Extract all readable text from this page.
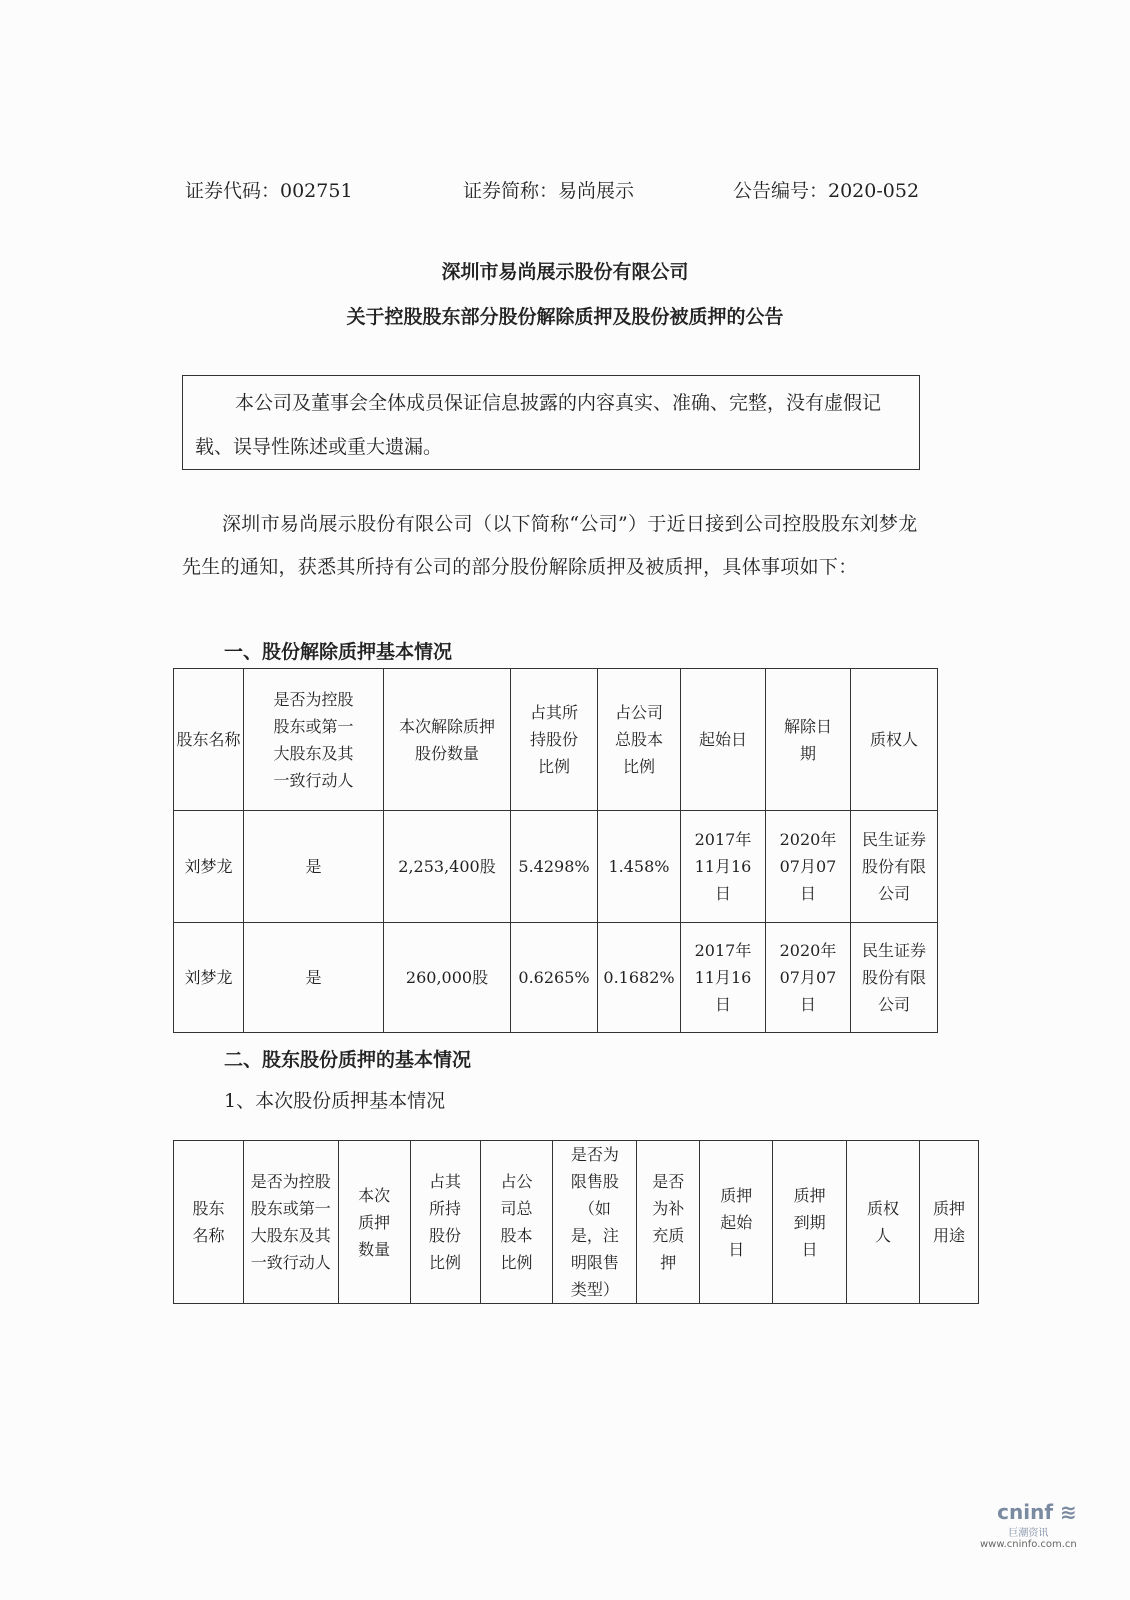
证券代码：002751	证券简称：易尚展示	公告编号：2020-052
深圳市易尚展示股份有限公司
关于控股股东部分股份解除质押及股份被质押的公告
本公司及董事会全体成员保证信息披露的内容真实、准确、完整，没有虚假记载、误导性陈述或重大遗漏。
深圳市易尚展示股份有限公司（以下简称“公司”）于近日接到公司控股股东刘梦龙先生的通知，获悉其所持有公司的部分股份解除质押及被质押，具体事项如下：
一、股份解除质押基本情况
股东名称	是否为控股股东或第一大股东及其一致行动人	本次解除质押股份数量	占其所持股份比例	占公司总股本比例	起始日	解除日期	质权人
刘梦龙	是	2,253,400股	5.4298%	1.458%	2017年11月16日	2020年07月07日	民生证券股份有限公司
刘梦龙	是	260,000股	0.6265%	0.1682%	2017年11月16日	2020年07月07日	民生证券股份有限公司
二、股东股份质押的基本情况
1、本次股份质押基本情况
股东名称	是否为控股股东或第一大股东及其一致行动人	本次质押数量	占其所持股份比例	占公司总股本比例	是否为限售股（如是，注明限售类型）	是否为补充质押	质押起始日	质押到期日	质权人	质押用途
cninf ≋
巨潮资讯
www.cninfo.com.cn
